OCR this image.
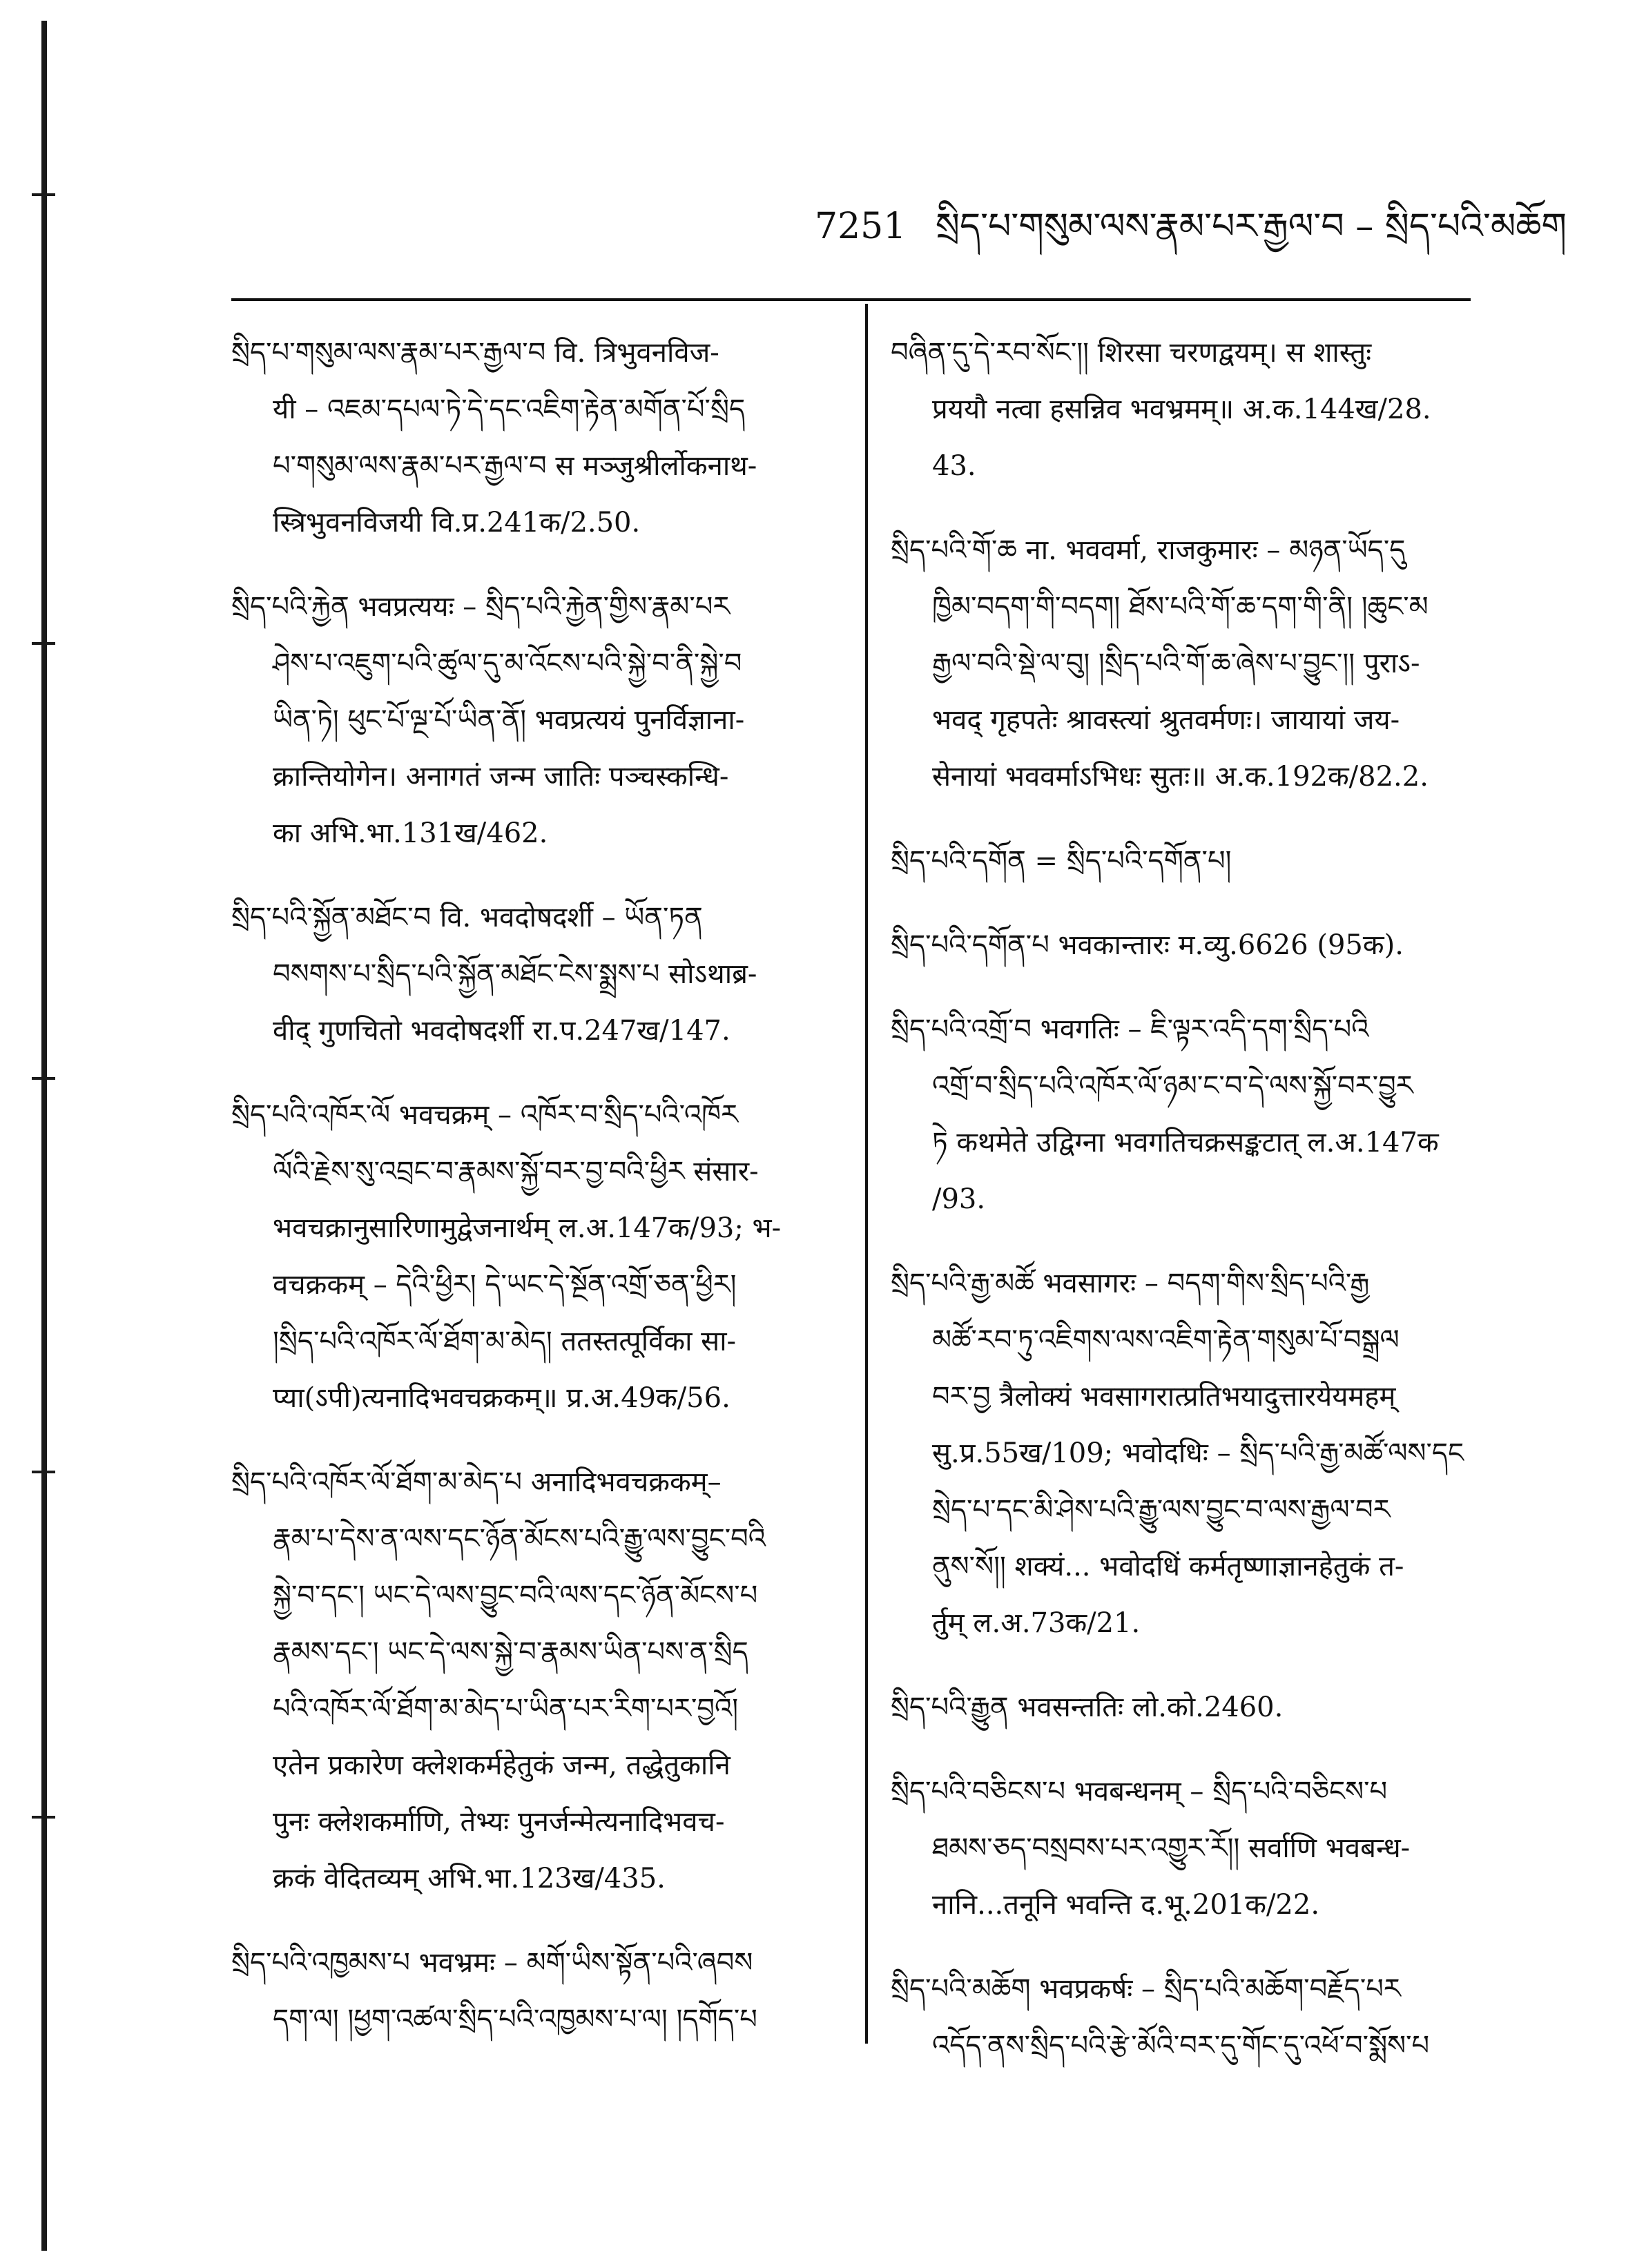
7251 སྲིད་པ་གསུམ་ལས་རྣམ་པར་རྒྱལ་བ – སྲིད་པའི་མཆོག
སྲིད་པ་གསུམ་ལས་རྣམ་པར་རྒྱལ་བ वि. त्रिभुवनविज-
यी – འཇམ་དཔལ་ཏེ་དེ་དང་འཇིག་རྟེན་མགོན་པོ་སྲིད
པ་གསུམ་ལས་རྣམ་པར་རྒྱལ་བ स मञ्जुश्रीर्लोकनाथ-
स्त्रिभुवनविजयी वि.प्र.241क/2.50.
སྲིད་པའི་རྐྱེན भवप्रत्ययः – སྲིད་པའི་རྐྱེན་གྱིས་རྣམ་པར
ཤེས་པ་འཇུག་པའི་ཚུལ་དུ་མ་འོངས་པའི་སྐྱེ་བ་ནི་སྐྱེ་བ
ཡིན་ཏེ། ཕུང་པོ་ལྔ་པོ་ཡིན་ནོ། भवप्रत्ययं पुनर्विज्ञाना-
क्रान्तियोगेन। अनागतं जन्म जातिः पञ्चस्कन्धि-
का अभि.भा.131ख/462.
སྲིད་པའི་སྐྱོན་མཐོང་བ वि. भवदोषदर्शी – ཡོན་ཏན
བསགས་པ་སྲིད་པའི་སྐྱོན་མཐོང་ངེས་སྨྲས་པ सोऽथाब्र-
वीद् गुणचितो भवदोषदर्शी रा.प.247ख/147.
སྲིད་པའི་འཁོར་ལོ भवचक्रम् – འཁོར་བ་སྲིད་པའི་འཁོར
ལོའི་རྗེས་སུ་འབྲང་བ་རྣམས་སྐྱོ་བར་བྱ་བའི་ཕྱིར संसार-
भवचक्रानुसारिणामुद्वेजनार्थम् ल.अ.147क/93; भ-
वचक्रकम् – དེའི་ཕྱིར། དེ་ཡང་དེ་སྔོན་འགྲོ་ཅན་ཕྱིར།
།སྲིད་པའི་འཁོར་ལོ་ཐོག་མ་མེད། ततस्तत्पूर्विका सा-
प्या(ऽपी)त्यनादिभवचक्रकम्॥ प्र.अ.49क/56.
སྲིད་པའི་འཁོར་ལོ་ཐོག་མ་མེད་པ अनादिभवचक्रकम्–
རྣམ་པ་དེས་ན་ལས་དང་ཉོན་མོངས་པའི་རྒྱུ་ལས་བྱུང་བའི
སྐྱེ་བ་དང་། ཡང་དེ་ལས་བྱུང་བའི་ལས་དང་ཉོན་མོངས་པ
རྣམས་དང་། ཡང་དེ་ལས་སྐྱེ་བ་རྣམས་ཡིན་པས་ན་སྲིད
པའི་འཁོར་ལོ་ཐོག་མ་མེད་པ་ཡིན་པར་རིག་པར་བྱའོ།
एतेन प्रकारेण क्लेशकर्महेतुकं जन्म, तद्धेतुकानि
पुनः क्लेशकर्माणि, तेभ्यः पुनर्जन्मेत्यनादिभवच-
क्रकं वेदितव्यम् अभि.भा.123ख/435.
སྲིད་པའི་འཁྱམས་པ भवभ्रमः – མགོ་ཡིས་སྟོན་པའི་ཞབས
དག་ལ། །ཕྱག་འཚལ་སྲིད་པའི་འཁྱམས་པ་ལ། །དགོད་པ
བཞིན་དུ་དེ་རབ་སོང་།། शिरसा चरणद्वयम्। स शास्तुः
प्रययौ नत्वा हसन्निव भवभ्रमम्॥ अ.क.144ख/28.
43.
སྲིད་པའི་གོ་ཆ ना. भववर्मा, राजकुमारः – མཉན་ཡོད་དུ
ཁྱིམ་བདག་གི་བདག། ཐོས་པའི་གོ་ཆ་དག་གི་ནི། །ཆུང་མ
རྒྱལ་བའི་སྡེ་ལ་བུ། །སྲིད་པའི་གོ་ཆ་ཞེས་པ་བྱུང་།། पुराऽ-
भवद् गृहपतेः श्रावस्त्यां श्रुतवर्मणः। जायायां जय-
सेनायां भववर्माऽभिधः सुतः॥ अ.क.192क/82.2.
སྲིད་པའི་དགོན = སྲིད་པའི་དགོན་པ།
སྲིད་པའི་དགོན་པ भवकान्तारः म.व्यु.6626 (95क).
སྲིད་པའི་འགྲོ་བ भवगतिः – ཇི་ལྟར་འདི་དག་སྲིད་པའི
འགྲོ་བ་སྲིད་པའི་འཁོར་ལོ་ཉམ་ང་བ་དེ་ལས་སྐྱོ་བར་བྱུར
ཏེ कथमेते उद्विग्ना भवगतिचक्रसङ्कटात् ल.अ.147क
/93.
སྲིད་པའི་རྒྱ་མཚོ भवसागरः – བདག་གིས་སྲིད་པའི་རྒྱ
མཚོ་རབ་ཏུ་འཇིགས་ལས་འཇིག་རྟེན་གསུམ་པོ་བསྒྲལ
བར་བྱ त्रैलोक्यं भवसागरात्प्रतिभयादुत्तारयेयमहम्
सु.प्र.55ख/109; भवोदधिः – སྲིད་པའི་རྒྱ་མཚོ་ལས་དང
སྲེད་པ་དང་མི་ཤེས་པའི་རྒྱུ་ལས་བྱུང་བ་ལས་རྒྱལ་བར
ནུས་སོ།། शक्यं... भवोदधिं कर्मतृष्णाज्ञानहेतुकं त-
र्तुम् ल.अ.73क/21.
སྲིད་པའི་རྒྱུན भवसन्ततिः लो.को.2460.
སྲིད་པའི་བཅིངས་པ भवबन्धनम् – སྲིད་པའི་བཅིངས་པ
ཐམས་ཅད་བསྲབས་པར་འགྱུར་རོ།། सर्वाणि भवबन्ध-
नानि...तनूनि भवन्ति द.भू.201क/22.
སྲིད་པའི་མཆོག भवप्रकर्षः – སྲིད་པའི་མཆོག་བརྗོད་པར
འདོད་ནས་སྲིད་པའི་རྩེ་མོའི་བར་དུ་གོང་དུ་འཕོ་བ་སྨོས་པ
